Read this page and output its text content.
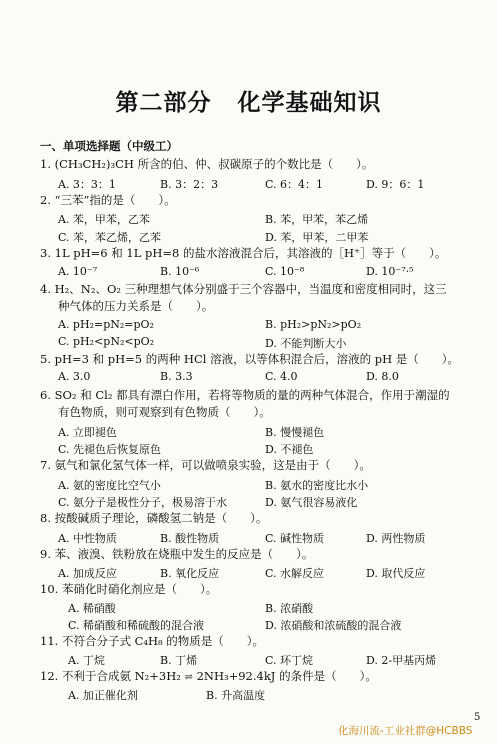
第二部分 化学基础知识
一、单项选择题（中级工）
1. (CH₃CH₂)₃CH 所含的伯、仲、叔碳原子的个数比是（　　）。
A. 3：3：1	B. 3：2：3	C. 6：4：1	D. 9：6：1
2. “三苯”指的是（　　）。
A. 苯，甲苯，乙苯	B. 苯，甲苯，苯乙烯
C. 苯，苯乙烯，乙苯	D. 苯，甲苯，二甲苯
3. 1L pH=6 和 1L pH=8 的盐水溶液混合后，其溶液的［H⁺］等于（　　）。
A. 10⁻⁷	B. 10⁻⁶	C. 10⁻⁸	D. 10⁻⁷·⁵
4. H₂、N₂、O₂ 三种理想气体分别盛于三个容器中，当温度和密度相同时，这三
种气体的压力关系是（　　）。
A. pH₂=pN₂=pO₂	B. pH₂>pN₂>pO₂
C. pH₂<pN₂<pO₂	D. 不能判断大小
5. pH=3 和 pH=5 的两种 HCl 溶液，以等体积混合后，溶液的 pH 是（　　）。
A. 3.0	B. 3.3	C. 4.0	D. 8.0
6. SO₂ 和 Cl₂ 都具有漂白作用，若将等物质的量的两种气体混合，作用于潮湿的
有色物质，则可观察到有色物质（　　）。
A. 立即褪色	B. 慢慢褪色
C. 先褪色后恢复原色	D. 不褪色
7. 氨气和氯化氢气体一样，可以做喷泉实验，这是由于（　　）。
A. 氨的密度比空气小	B. 氨水的密度比水小
C. 氨分子是极性分子，极易溶于水	D. 氨气很容易液化
8. 按酸碱质子理论，磷酸氢二钠是（　　）。
A. 中性物质	B. 酸性物质	C. 碱性物质	D. 两性物质
9. 苯、液溴、铁粉放在烧瓶中发生的反应是（　　）。
A. 加成反应	B. 氧化反应	C. 水解反应	D. 取代反应
10. 苯硝化时硝化剂应是（　　）。
A. 稀硝酸	B. 浓硝酸
C. 稀硝酸和稀硫酸的混合液	D. 浓硝酸和浓硫酸的混合液
11. 不符合分子式 C₄H₈ 的物质是（　　）。
A. 丁烷	B. 丁烯	C. 环丁烷	D. 2-甲基丙烯
12. 不利于合成氨 N₂+3H₂ ⇌ 2NH₃+92.4kJ 的条件是（　　）。
A. 加正催化剂	B. 升高温度
5
化海川流-工业社群@HCBBS
